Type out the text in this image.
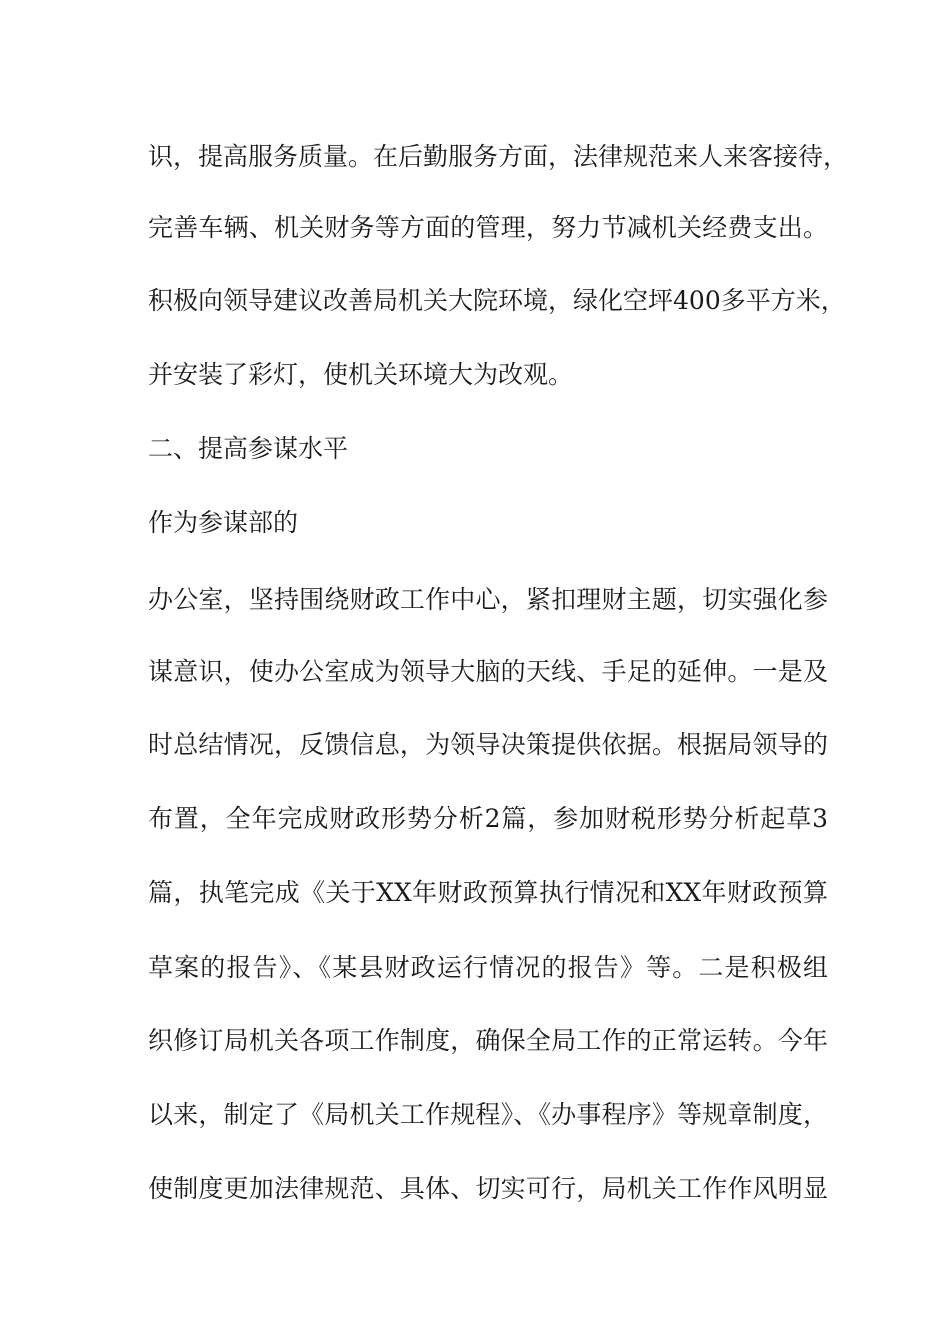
识，提高服务质量。在后勤服务方面，法律规范来人来客接待，
完善车辆、机关财务等方面的管理，努力节减机关经费支出。
积极向领导建议改善局机关大院环境，绿化空坪400多平方米，
并安装了彩灯，使机关环境大为改观。
二、提高参谋水平
作为参谋部的
办公室，坚持围绕财政工作中心，紧扣理财主题，切实强化参
谋意识，使办公室成为领导大脑的天线、手足的延伸。一是及
时总结情况，反馈信息，为领导决策提供依据。根据局领导的
布置，全年完成财政形势分析2篇，参加财税形势分析起草3
篇，执笔完成《关于XX年财政预算执行情况和XX年财政预算
草案的报告》、《某县财政运行情况的报告》等。二是积极组
织修订局机关各项工作制度，确保全局工作的正常运转。今年
以来，制定了《局机关工作规程》、《办事程序》等规章制度，
使制度更加法律规范、具体、切实可行，局机关工作作风明显
